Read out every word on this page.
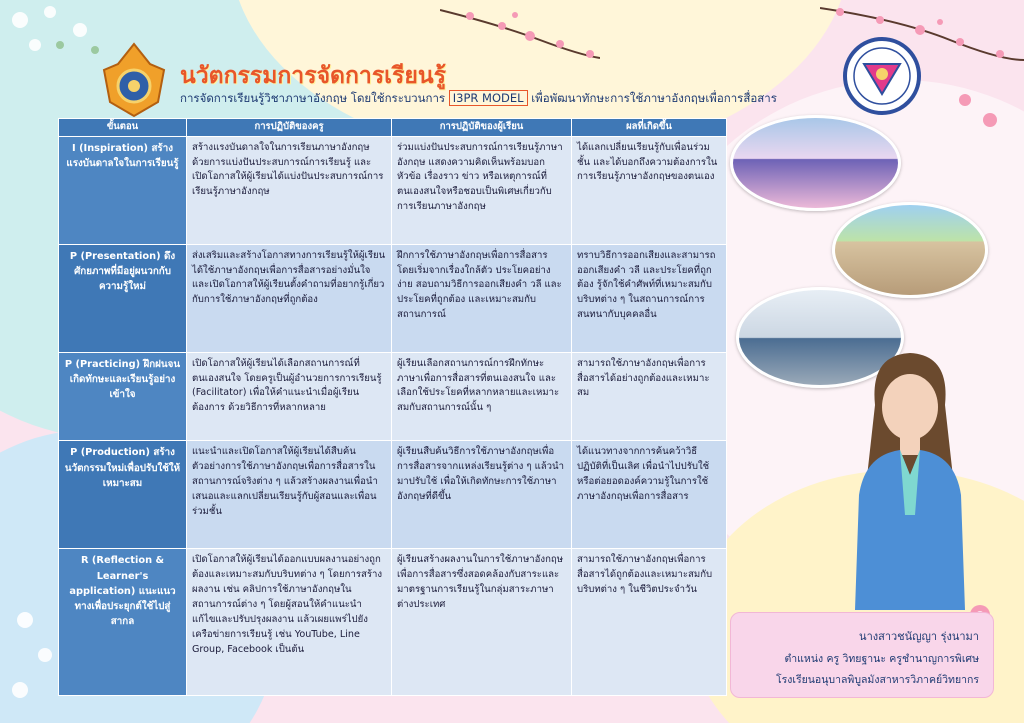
นวัตกรรมการจัดการเรียนรู้

การจัดการเรียนรู้วิชาภาษาอังกฤษ โดยใช้กระบวนการ I3PR MODEL เพื่อพัฒนาทักษะการใช้ภาษาอังกฤษเพื่อการสื่อสาร

ขั้นตอน	การปฏิบัติของครู	การปฏิบัติของผู้เรียน	ผลที่เกิดขึ้น
I (Inspiration) สร้างแรงบันดาลใจในการเรียนรู้	สร้างแรงบันดาลใจในการเรียนภาษาอังกฤษด้วยการแบ่งปันประสบการณ์การเรียนรู้ และเปิดโอกาสให้ผู้เรียนได้แบ่งปันประสบการณ์การเรียนรู้ภาษาอังกฤษ	ร่วมแบ่งปันประสบการณ์การเรียนรู้ภาษาอังกฤษ แสดงความคิดเห็นพร้อมบอกหัวข้อ เรื่องราว ข่าว หรือเหตุการณ์ที่ตนเองสนใจหรือชอบเป็นพิเศษเกี่ยวกับการเรียนภาษาอังกฤษ	ได้แลกเปลี่ยนเรียนรู้กับเพื่อนร่วมชั้น และได้บอกถึงความต้องการในการเรียนรู้ภาษาอังกฤษของตนเอง
P (Presentation) ดึงศักยภาพที่มีอยู่ผนวกกับความรู้ใหม่	ส่งเสริมและสร้างโอกาสทางการเรียนรู้ให้ผู้เรียนได้ใช้ภาษาอังกฤษเพื่อการสื่อสารอย่างมั่นใจ และเปิดโอกาสให้ผู้เรียนตั้งคำถามที่อยากรู้เกี่ยวกับการใช้ภาษาอังกฤษที่ถูกต้อง	ฝึกการใช้ภาษาอังกฤษเพื่อการสื่อสาร โดยเริ่มจากเรื่องใกล้ตัว ประโยคอย่างง่าย สอบถามวิธีการออกเสียงคำ วลี และประโยคที่ถูกต้อง และเหมาะสมกับสถานการณ์	ทราบวิธีการออกเสียงและสามารถออกเสียงคำ วลี และประโยคที่ถูกต้อง รู้จักใช้คำศัพท์ที่เหมาะสมกับบริบทต่าง ๆ ในสถานการณ์การสนทนากับบุคคลอื่น
P (Practicing) ฝึกฝนจนเกิดทักษะและเรียนรู้อย่างเข้าใจ	เปิดโอกาสให้ผู้เรียนได้เลือกสถานการณ์ที่ตนเองสนใจ โดยครูเป็นผู้อำนวยการการเรียนรู้ (Facilitator) เพื่อให้คำแนะนำเมื่อผู้เรียนต้องการ ด้วยวิธีการที่หลากหลาย	ผู้เรียนเลือกสถานการณ์การฝึกทักษะภาษาเพื่อการสื่อสารที่ตนเองสนใจ และเลือกใช้ประโยคที่หลากหลายและเหมาะสมกับสถานการณ์นั้น ๆ	สามารถใช้ภาษาอังกฤษเพื่อการสื่อสารได้อย่างถูกต้องและเหมาะสม
P (Production) สร้างนวัตกรรมใหม่เพื่อปรับใช้ให้เหมาะสม	แนะนำและเปิดโอกาสให้ผู้เรียนได้สืบค้นตัวอย่างการใช้ภาษาอังกฤษเพื่อการสื่อสารในสถานการณ์จริงต่าง ๆ แล้วสร้างผลงานเพื่อนำเสนอและแลกเปลี่ยนเรียนรู้กับผู้สอนและเพื่อนร่วมชั้น	ผู้เรียนสืบค้นวิธีการใช้ภาษาอังกฤษเพื่อการสื่อสารจากแหล่งเรียนรู้ต่าง ๆ แล้วนำมาปรับใช้ เพื่อให้เกิดทักษะการใช้ภาษาอังกฤษที่ดีขึ้น	ได้แนวทางจากการค้นคว้าวิธีปฏิบัติที่เป็นเลิศ เพื่อนำไปปรับใช้หรือต่อยอดองค์ความรู้ในการใช้ภาษาอังกฤษเพื่อการสื่อสาร
R (Reflection & Learner's application) แนะแนวทางเพื่อประยุกต์ใช้ไปสู่สากล	เปิดโอกาสให้ผู้เรียนได้ออกแบบผลงานอย่างถูกต้องและเหมาะสมกับบริบทต่าง ๆ โดยการสร้างผลงาน เช่น คลิปการใช้ภาษาอังกฤษในสถานการณ์ต่าง ๆ โดยผู้สอนให้คำแนะนำ แก้ไขและปรับปรุงผลงาน แล้วเผยแพร่ไปยังเครือข่ายการเรียนรู้ เช่น YouTube, Line Group, Facebook เป็นต้น	ผู้เรียนสร้างผลงานในการใช้ภาษาอังกฤษเพื่อการสื่อสารซึ่งสอดคล้องกับสาระและมาตรฐานการเรียนรู้ในกลุ่มสาระภาษาต่างประเทศ	สามารถใช้ภาษาอังกฤษเพื่อการสื่อสารได้ถูกต้องและเหมาะสมกับบริบทต่าง ๆ ในชีวิตประจำวัน

นางสาวชนัญญา รุ่งนามา

ตำแหน่ง ครู วิทยฐานะ ครูชำนาญการพิเศษ

โรงเรียนอนุบาลพิบูลมังสาหารวิภาคย์วิทยากร
